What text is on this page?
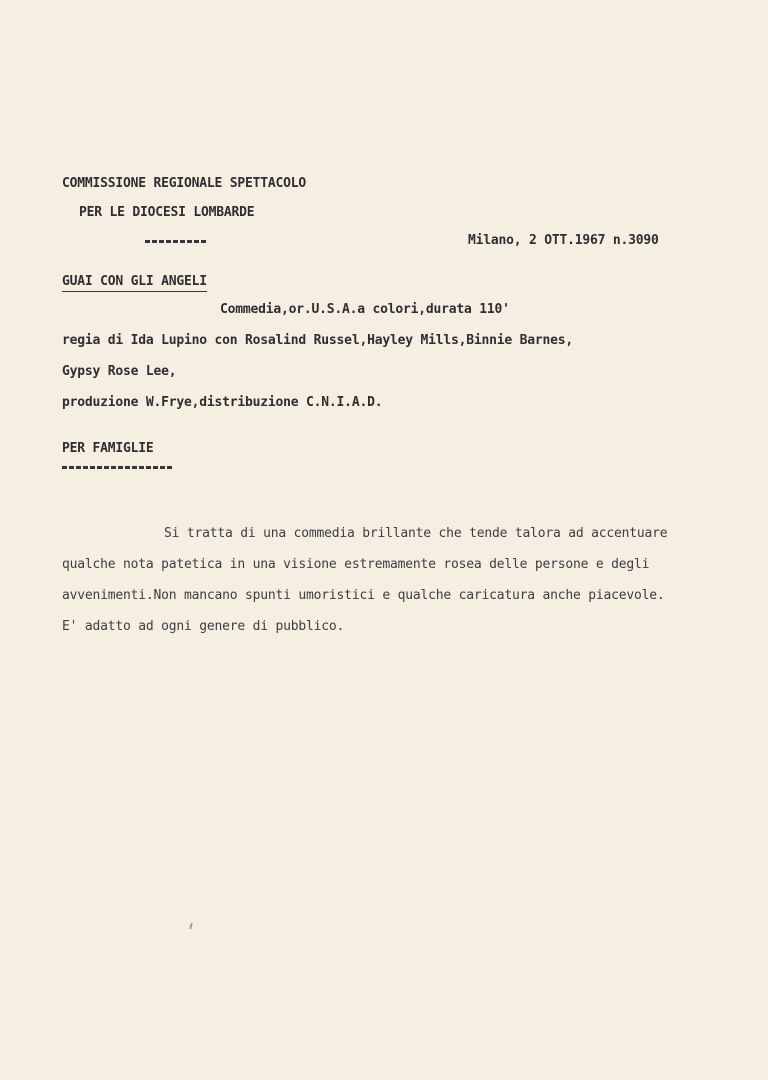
COMMISSIONE REGIONALE SPETTACOLO
PER LE DIOCESI LOMBARDE
Milano, 2 OTT.1967 n.3090
GUAI CON GLI ANGELI
Commedia,or.U.S.A.a colori,durata 110'
regia di Ida Lupino con Rosalind Russel,Hayley Mills,Binnie Barnes,
Gypsy Rose Lee,
produzione W.Frye,distribuzione C.N.I.A.D.
PER FAMIGLIE
Si tratta di una commedia brillante che tende talora ad accentuare
qualche nota patetica in una visione estremamente rosea delle persone e degli
avvenimenti.Non mancano spunti umoristici e qualche caricatura anche piacevole.
E' adatto ad ogni genere di pubblico.
